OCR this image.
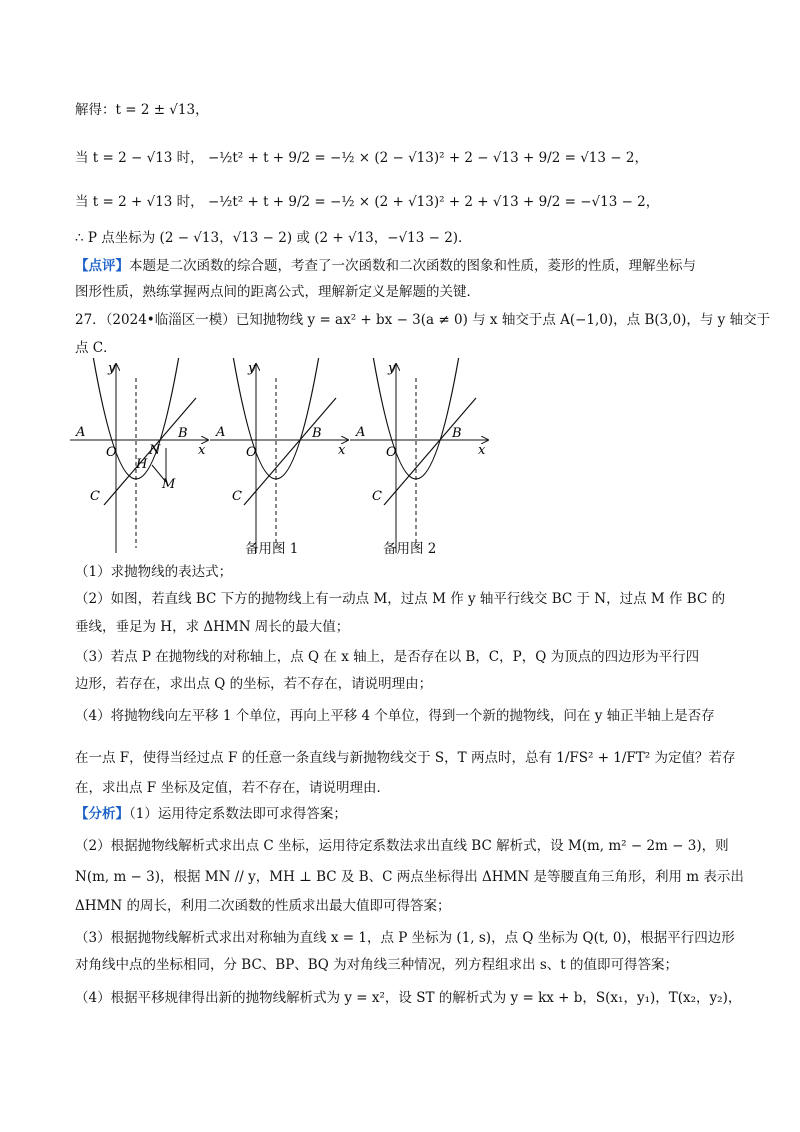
解得：t = 2 ± √13，
当 t = 2 − √13 时， −½t² + t + 9/2 = −½ × (2 − √13)² + 2 − √13 + 9/2 = √13 − 2，
当 t = 2 + √13 时， −½t² + t + 9/2 = −½ × (2 + √13)² + 2 + √13 + 9/2 = −√13 − 2，
∴ P 点坐标为 (2 − √13，√13 − 2) 或 (2 + √13，−√13 − 2)．
【点评】本题是二次函数的综合题，考查了一次函数和二次函数的图象和性质，菱形的性质，理解坐标与
图形性质，熟练掌握两点间的距离公式，理解新定义是解题的关键．
27．（2024•临淄区一模）已知抛物线 y = ax² + bx − 3(a ≠ 0) 与 x 轴交于点 A(−1,0)，点 B(3,0)，与 y 轴交于
点 C．
y
x
A
O
B
N
H
M
C
y
x
A
O
B
C
y
x
A
O
B
C
备用图 1	备用图 2
（1）求抛物线的表达式；
（2）如图，若直线 BC 下方的抛物线上有一动点 M，过点 M 作 y 轴平行线交 BC 于 N，过点 M 作 BC 的
垂线，垂足为 H，求 ΔHMN 周长的最大值；
（3）若点 P 在抛物线的对称轴上，点 Q 在 x 轴上，是否存在以 B，C，P，Q 为顶点的四边形为平行四
边形，若存在，求出点 Q 的坐标，若不存在，请说明理由；
（4）将抛物线向左平移 1 个单位，再向上平移 4 个单位，得到一个新的抛物线，问在 y 轴正半轴上是否存
在一点 F，使得当经过点 F 的任意一条直线与新抛物线交于 S，T 两点时，总有 1/FS² + 1/FT² 为定值？若存
在，求出点 F 坐标及定值，若不存在，请说明理由．
【分析】（1）运用待定系数法即可求得答案；
（2）根据抛物线解析式求出点 C 坐标，运用待定系数法求出直线 BC 解析式，设 M(m, m² − 2m − 3)，则
N(m, m − 3)，根据 MN // y，MH ⊥ BC 及 B、C 两点坐标得出 ΔHMN 是等腰直角三角形，利用 m 表示出
ΔHMN 的周长，利用二次函数的性质求出最大值即可得答案；
（3）根据抛物线解析式求出对称轴为直线 x = 1，点 P 坐标为 (1, s)，点 Q 坐标为 Q(t, 0)，根据平行四边形
对角线中点的坐标相同，分 BC、BP、BQ 为对角线三种情况，列方程组求出 s、t 的值即可得答案；
（4）根据平移规律得出新的抛物线解析式为 y = x²，设 ST 的解析式为 y = kx + b，S(x₁，y₁)，T(x₂，y₂)，
